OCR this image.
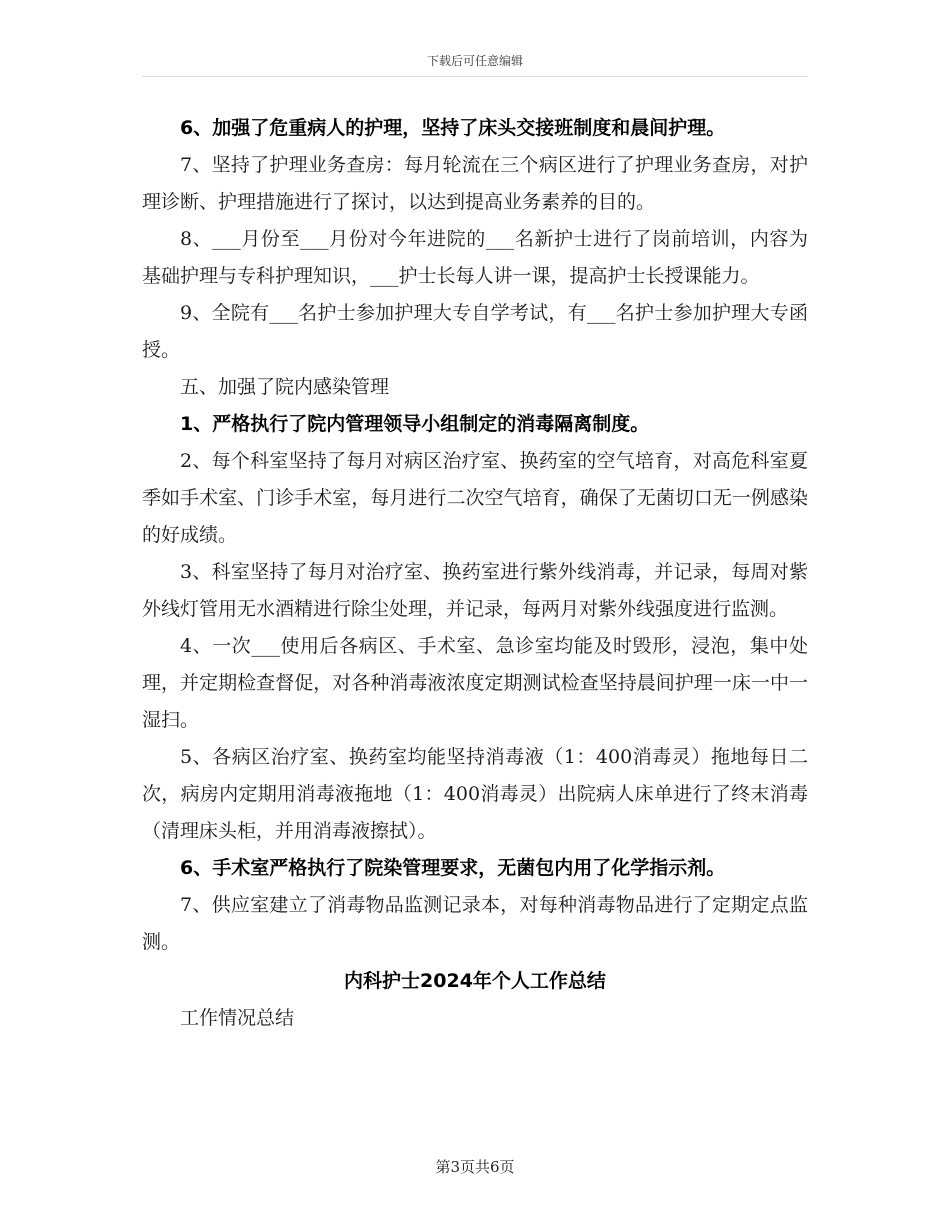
下载后可任意编辑

6、加强了危重病人的护理，坚持了床头交接班制度和晨间护理。

7、坚持了护理业务查房：每月轮流在三个病区进行了护理业务查房，对护理诊断、护理措施进行了探讨，以达到提高业务素养的目的。

8、___月份至___月份对今年进院的___名新护士进行了岗前培训，内容为基础护理与专科护理知识，___护士长每人讲一课，提高护士长授课能力。

9、全院有___名护士参加护理大专自学考试，有___名护士参加护理大专函授。

五、加强了院内感染管理

1、严格执行了院内管理领导小组制定的消毒隔离制度。

2、每个科室坚持了每月对病区治疗室、换药室的空气培育，对高危科室夏季如手术室、门诊手术室，每月进行二次空气培育，确保了无菌切口无一例感染的好成绩。

3、科室坚持了每月对治疗室、换药室进行紫外线消毒，并记录，每周对紫外线灯管用无水酒精进行除尘处理，并记录，每两月对紫外线强度进行监测。

4、一次___使用后各病区、手术室、急诊室均能及时毁形，浸泡，集中处理，并定期检查督促，对各种消毒液浓度定期测试检查坚持晨间护理一床一中一湿扫。

5、各病区治疗室、换药室均能坚持消毒液（1：400消毒灵）拖地每日二次，病房内定期用消毒液拖地（1：400消毒灵）出院病人床单进行了终末消毒（清理床头柜，并用消毒液擦拭）。

6、手术室严格执行了院染管理要求，无菌包内用了化学指示剂。

7、供应室建立了消毒物品监测记录本，对每种消毒物品进行了定期定点监测。

内科护士2024年个人工作总结

工作情况总结

第3页共6页
